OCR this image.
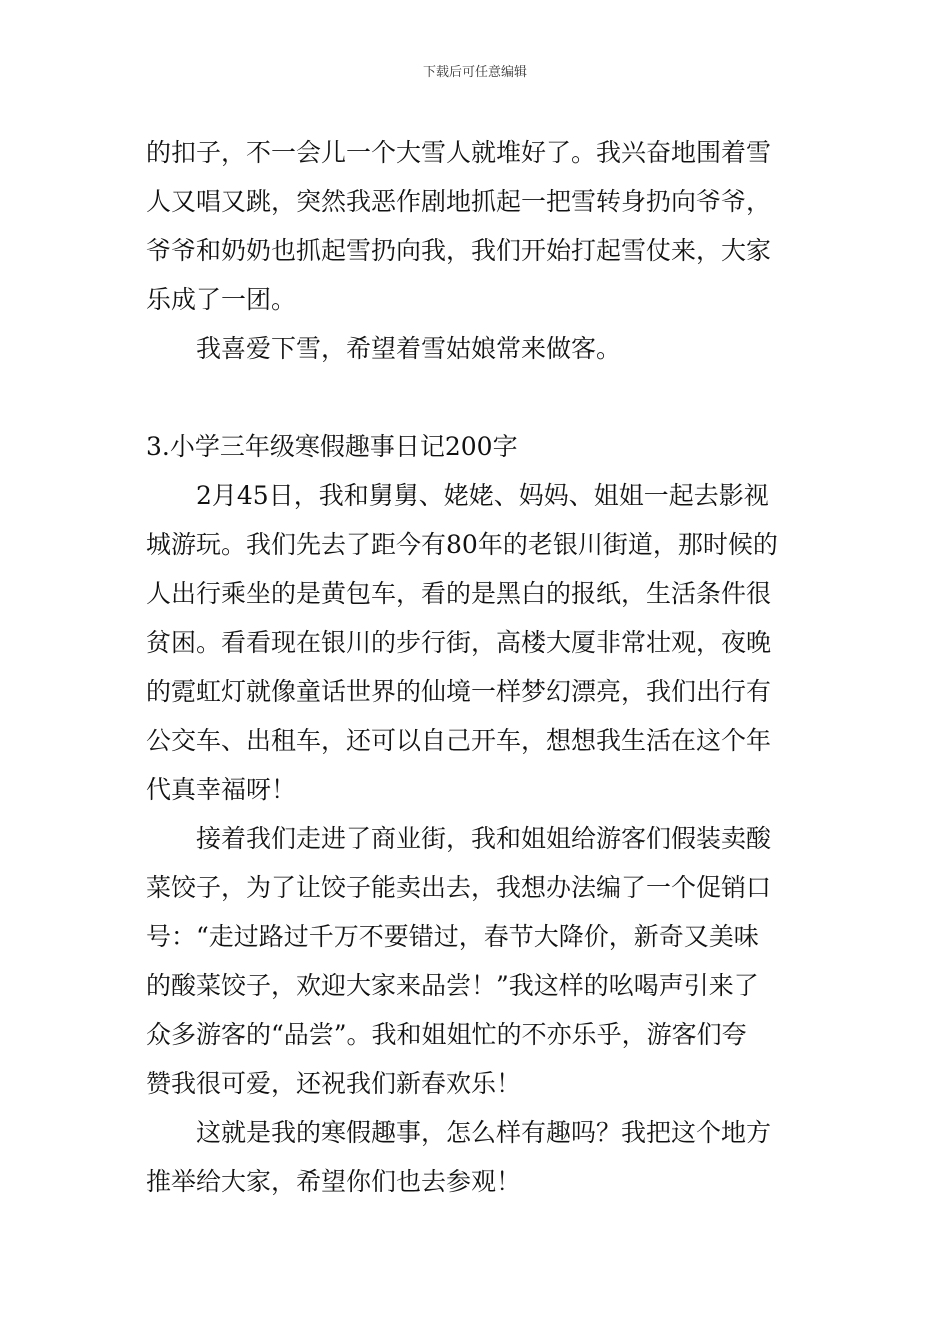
下载后可任意编辑
的扣子，不一会儿一个大雪人就堆好了。我兴奋地围着雪
人又唱又跳，突然我恶作剧地抓起一把雪转身扔向爷爷，
爷爷和奶奶也抓起雪扔向我，我们开始打起雪仗来，大家
乐成了一团。
我喜爱下雪，希望着雪姑娘常来做客。
3.小学三年级寒假趣事日记200字
2月45日，我和舅舅、姥姥、妈妈、姐姐一起去影视
城游玩。我们先去了距今有80年的老银川街道，那时候的
人出行乘坐的是黄包车，看的是黑白的报纸，生活条件很
贫困。看看现在银川的步行街，高楼大厦非常壮观，夜晚
的霓虹灯就像童话世界的仙境一样梦幻漂亮，我们出行有
公交车、出租车，还可以自己开车，想想我生活在这个年
代真幸福呀！
接着我们走进了商业街，我和姐姐给游客们假装卖酸
菜饺子，为了让饺子能卖出去，我想办法编了一个促销口
号：“走过路过千万不要错过，春节大降价，新奇又美味
的酸菜饺子，欢迎大家来品尝！”我这样的吆喝声引来了
众多游客的“品尝”。我和姐姐忙的不亦乐乎，游客们夸
赞我很可爱，还祝我们新春欢乐！
这就是我的寒假趣事，怎么样有趣吗？我把这个地方
推举给大家，希望你们也去参观！
